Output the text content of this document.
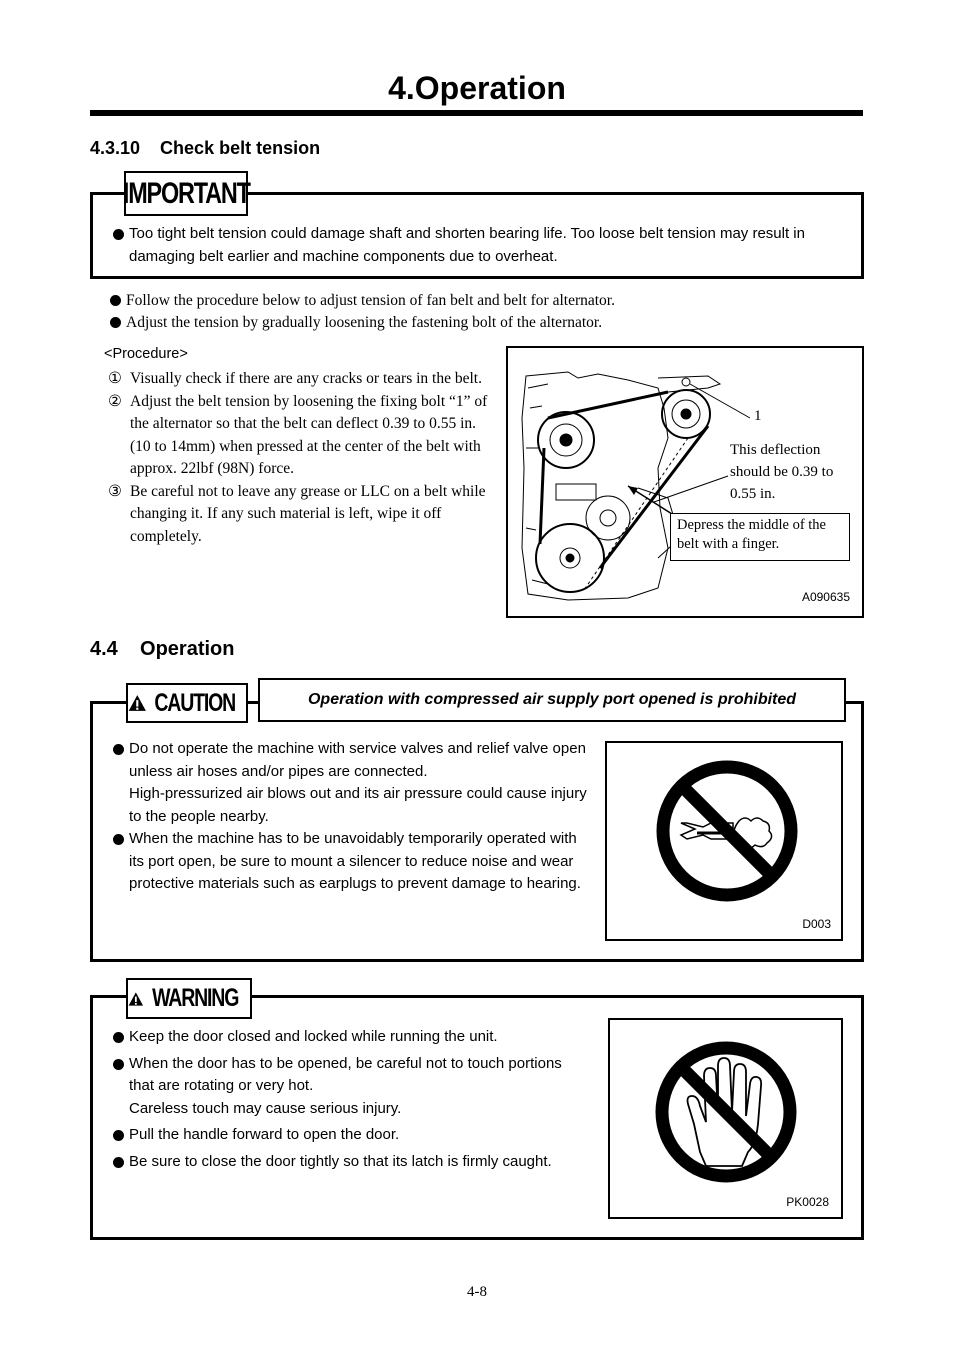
4.Operation
4.3.10    Check belt tension
Too tight belt tension could damage shaft and shorten bearing life. Too loose belt tension may result in damaging belt earlier and machine components due to overheat.
IMPORTANT
Follow the procedure below to adjust tension of fan belt and belt for alternator.
Adjust the tension by gradually loosening the fastening bolt of the alternator.
<Procedure>
① Visually check if there are any cracks or tears in the belt.
② Adjust the belt tension by loosening the fixing bolt “1” of the alternator so that the belt can deflect 0.39 to 0.55 in.(10 to 14mm) when pressed at the center of the belt with approx. 22lbf (98N) force.
③ Be careful not to leave any grease or LLC on a belt while changing it. If any such material is left, wipe it off completely.
1
This deflection should be 0.39 to 0.55 in.
Depress the middle of the belt with a finger.
A090635
4.4    Operation
Do not operate the machine with service valves and relief valve open unless air hoses and/or pipes are connected.
High-pressurized air blows out and its air pressure could cause injury to the people nearby.
When the machine has to be unavoidably temporarily operated with its port open, be sure to mount a silencer to reduce noise and wear protective materials such as earplugs to prevent damage to hearing.
D003
CAUTION	Operation with compressed air supply port opened is prohibited
Keep the door closed and locked while running the unit.
When the door has to be opened, be careful not to touch portions that are rotating or very hot.
Careless touch may cause serious injury.
Pull the handle forward to open the door.
Be sure to close the door tightly so that its latch is firmly caught.
PK0028
WARNING
4-8
